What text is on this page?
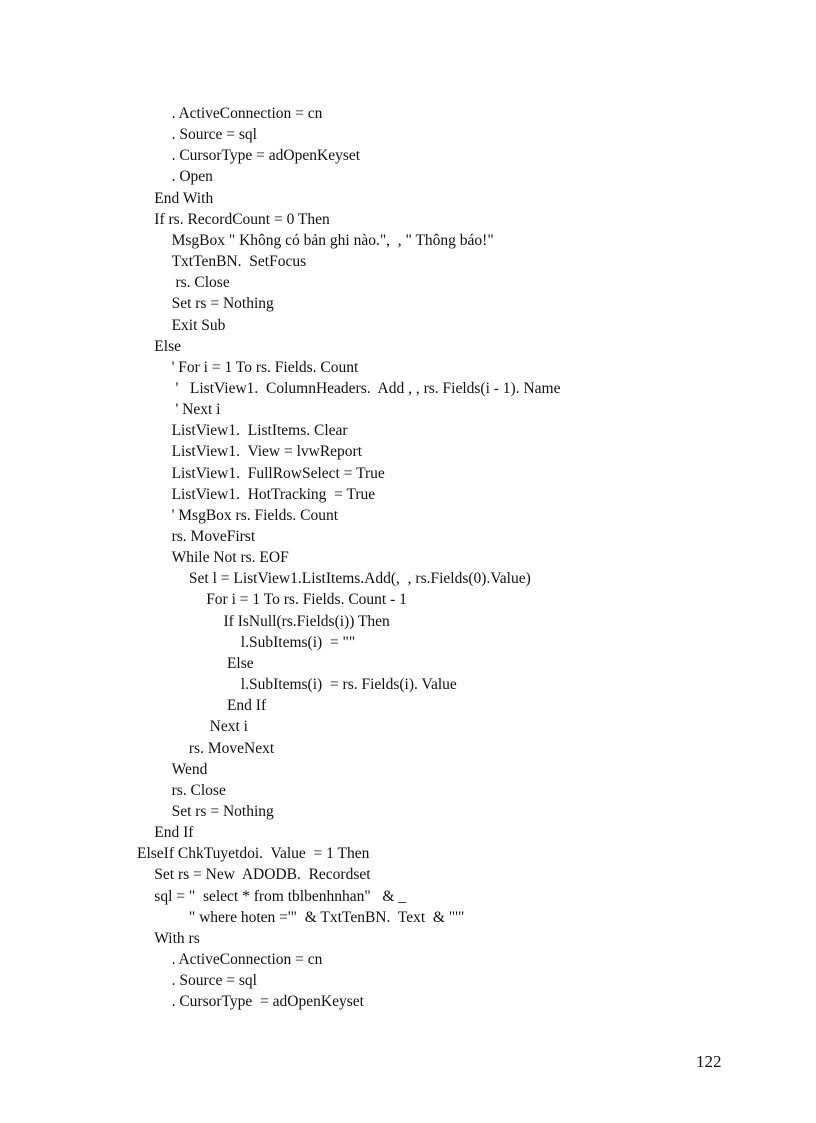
. ActiveConnection = cn
. Source = sql
. CursorType = adOpenKeyset
. Open
End With
If rs. RecordCount = 0 Then
MsgBox " Không có bản ghi nào.",  , " Thông báo!"
TxtTenBN.  SetFocus
rs. Close
Set rs = Nothing
Exit Sub
Else
' For i = 1 To rs. Fields. Count
'   ListView1.  ColumnHeaders.  Add , , rs. Fields(i - 1). Name
' Next i
ListView1.  ListItems. Clear
ListView1.  View = lvwReport
ListView1.  FullRowSelect = True
ListView1.  HotTracking  = True
' MsgBox rs. Fields. Count
rs. MoveFirst
While Not rs. EOF
Set l = ListView1.ListItems.Add(,  , rs.Fields(0).Value)
For i = 1 To rs. Fields. Count - 1
If IsNull(rs.Fields(i)) Then
l.SubItems(i)  = ""
Else
l.SubItems(i)  = rs. Fields(i). Value
End If
Next i
rs. MoveNext
Wend
rs. Close
Set rs = Nothing
End If
ElseIf ChkTuyetdoi.  Value  = 1 Then
Set rs = New  ADODB.  Recordset
sql = "  select * from tblbenhnhan"   & _
" where hoten ='"  & TxtTenBN.  Text  & "'"
With rs
. ActiveConnection = cn
. Source = sql
. CursorType  = adOpenKeyset
122
